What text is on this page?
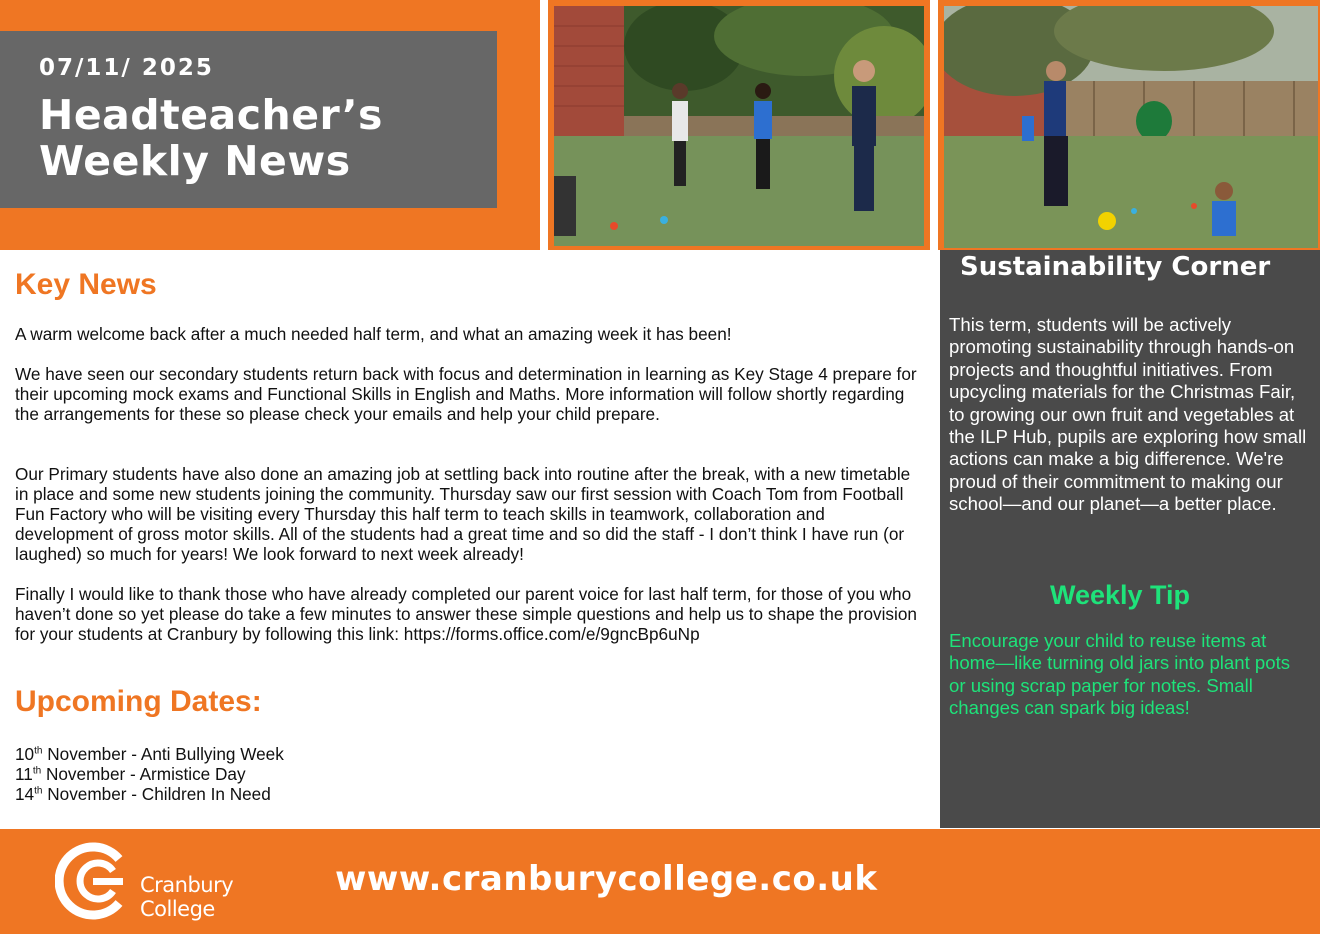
07/11/ 2025
Headteacher’s Weekly News
Key News
A warm welcome back after a much needed half term, and what an amazing week it has been!
We have seen our secondary students return back with focus and determination in learning as Key Stage 4 prepare for their upcoming mock exams and Functional Skills in English and Maths. More information will follow shortly regarding the arrangements for these so please check your emails and help your child prepare.
Our Primary students have also done an amazing job at settling back into routine after the break, with a new timetable in place and some new students joining the community. Thursday saw our first session with Coach Tom from Football Fun Factory who will be visiting every Thursday this half term to teach skills in teamwork, collaboration and development of gross motor skills. All of the students had a great time and so did the staff - I don’t think I have run (or laughed) so much for years! We look forward to next week already!
Finally I would like to thank those who have already completed our parent voice for last half term, for those of you who haven’t done so yet please do take a few minutes to answer these simple questions and help us to shape the provision for your students at Cranbury by following this link: https://forms.office.com/e/9gncBp6uNp
Upcoming Dates:
10th November - Anti Bullying Week
11th November - Armistice Day
14th November - Children In Need
Sustainability Corner
This term, students will be actively promoting sustainability through hands-on projects and thoughtful initiatives. From upcycling materials for the Christmas Fair, to growing our own fruit and vegetables at the ILP Hub, pupils are exploring how small actions can make a big difference. We're proud of their commitment to making our school—and our planet—a better place.
Weekly Tip
Encourage your child to reuse items at home—like turning old jars into plant pots or using scrap paper for notes. Small changes can spark big ideas!
Cranbury
College
www.cranburycollege.co.uk
